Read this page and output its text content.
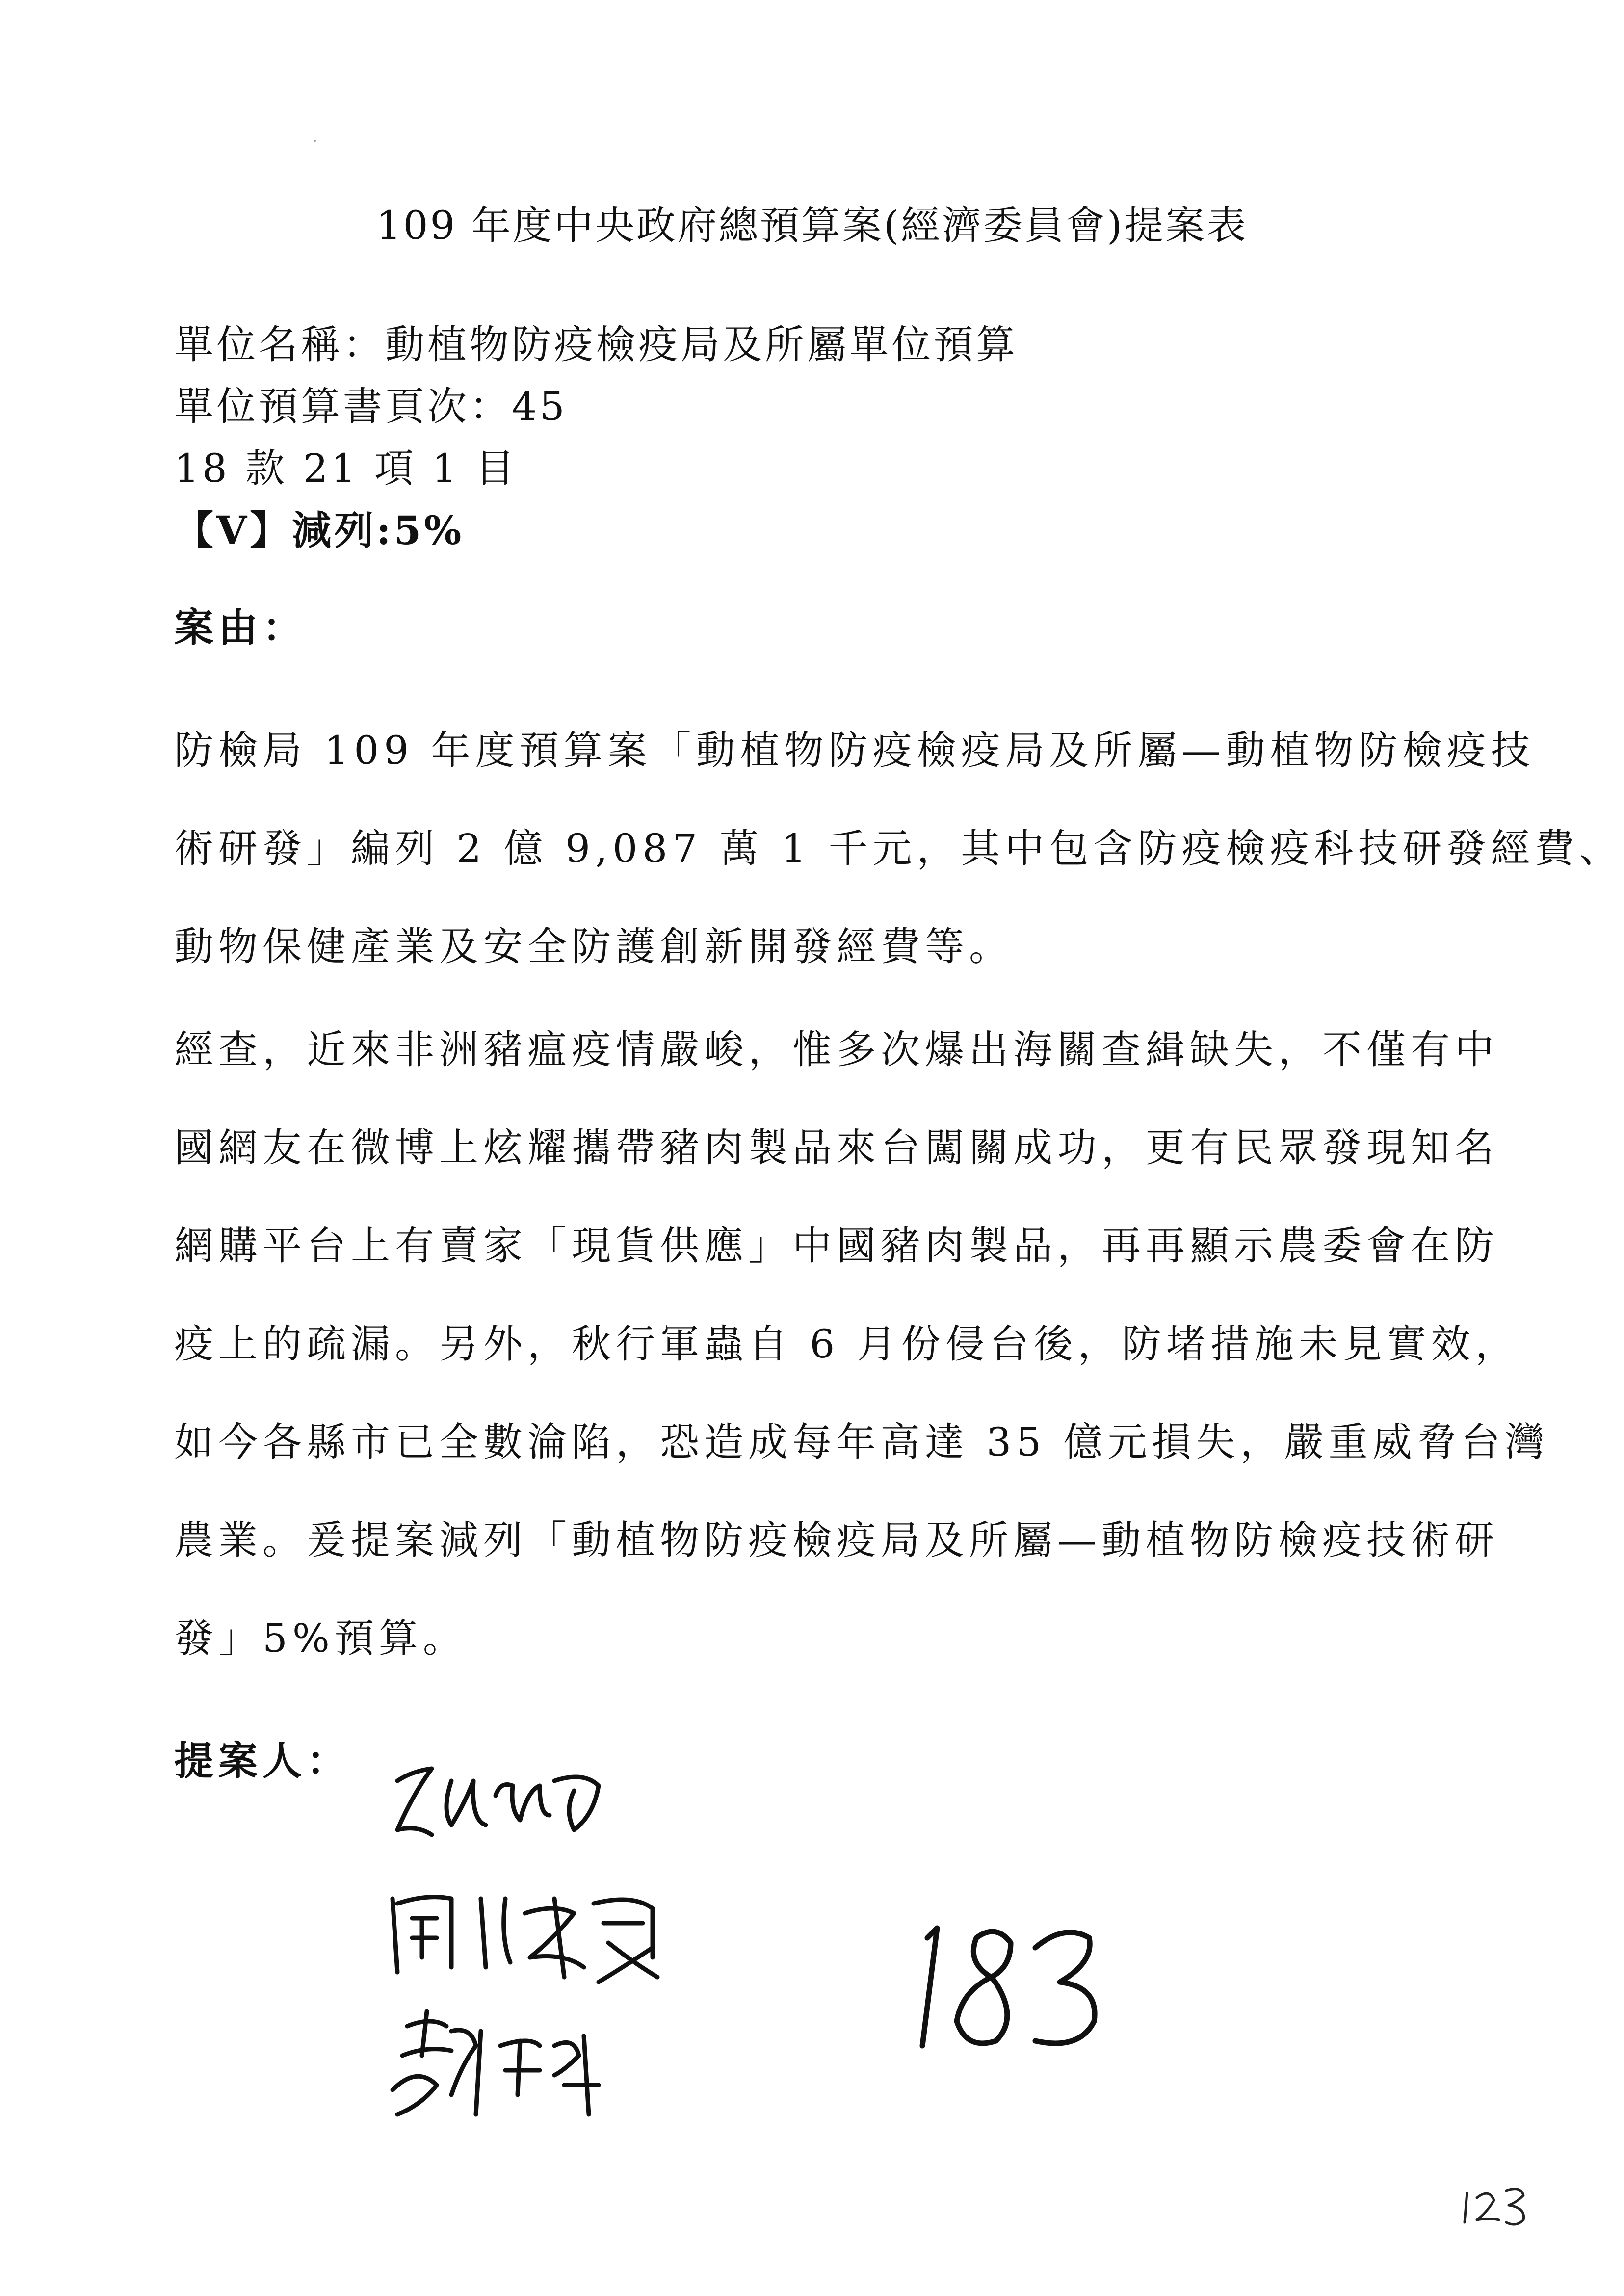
109 年度中央政府總預算案(經濟委員會)提案表
單位名稱：動植物防疫檢疫局及所屬單位預算
單位預算書頁次：45
18 款 21 項 1 目
【V】減列:5%
案由：
防檢局 109 年度預算案「動植物防疫檢疫局及所屬—動植物防檢疫技
術研發」編列 2 億 9,087 萬 1 千元，其中包含防疫檢疫科技研發經費、
動物保健產業及安全防護創新開發經費等。
經查，近來非洲豬瘟疫情嚴峻，惟多次爆出海關查緝缺失，不僅有中
國網友在微博上炫耀攜帶豬肉製品來台闖關成功，更有民眾發現知名
網購平台上有賣家「現貨供應」中國豬肉製品，再再顯示農委會在防
疫上的疏漏。另外，秋行軍蟲自 6 月份侵台後，防堵措施未見實效，
如今各縣市已全數淪陷，恐造成每年高達 35 億元損失，嚴重威脅台灣
農業。爰提案減列「動植物防疫檢疫局及所屬—動植物防檢疫技術研
發」5%預算。
提案人：
